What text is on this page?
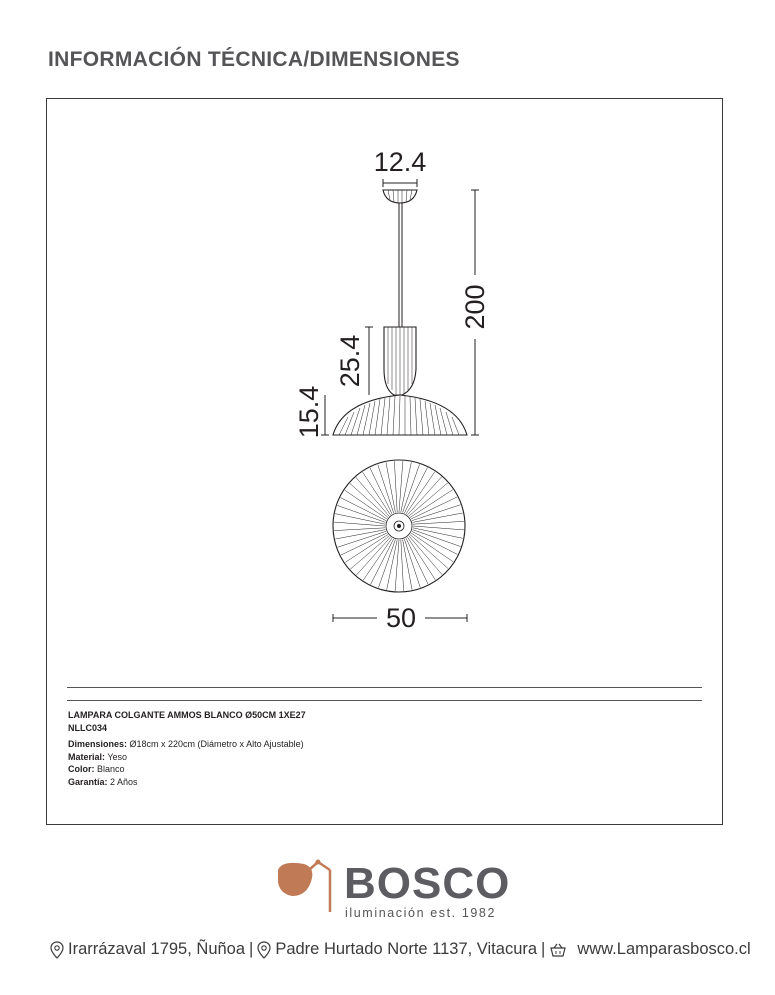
INFORMACIÓN TÉCNICA/DIMENSIONES
12.4
200
25.4
15.4
50
LAMPARA COLGANTE AMMOS BLANCO Ø50CM 1XE27
NLLC034
Dimensiones: Ø18cm x 220cm (Diámetro x Alto Ajustable)
Material: Yeso
Color: Blanco
Garantía: 2 Años
BOSCO
iluminación est. 1982
Irarrázaval 1795, Ñuñoa | Padre Hurtado Norte 1137, Vitacura | www.Lamparasbosco.cl
